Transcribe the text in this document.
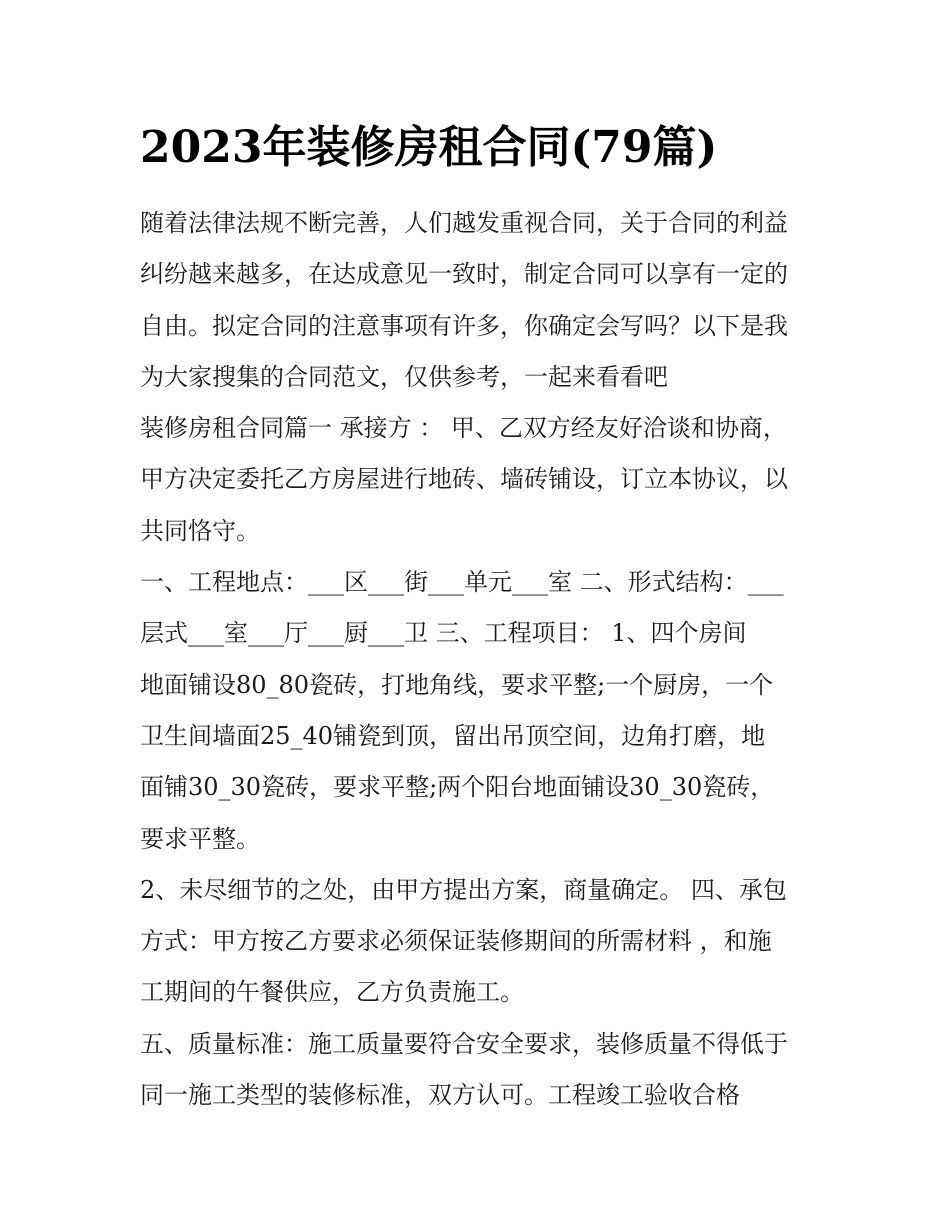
2023年装修房租合同(79篇)

随着法律法规不断完善，人们越发重视合同，关于合同的利益
纠纷越来越多，在达成意见一致时，制定合同可以享有一定的
自由。拟定合同的注意事项有许多，你确定会写吗？以下是我
为大家搜集的合同范文，仅供参考，一起来看看吧

装修房租合同篇一 承接方 ： 甲、乙双方经友好洽谈和协商，
甲方决定委托乙方房屋进行地砖、墙砖铺设，订立本协议，以
共同恪守。

一、工程地点：___区___街___单元___室 二、形式结构：___
层式___室___厅___厨___卫 三、工程项目： 1、四个房间
地面铺设80_80瓷砖，打地角线，要求平整;一个厨房，一个
卫生间墙面25_40铺瓷到顶，留出吊顶空间，边角打磨，地
面铺30_30瓷砖，要求平整;两个阳台地面铺设30_30瓷砖，
要求平整。

2、未尽细节的之处，由甲方提出方案，商量确定。 四、承包
方式：甲方按乙方要求必须保证装修期间的所需材料 ，和施
工期间的午餐供应，乙方负责施工。

五、质量标准：施工质量要符合安全要求，装修质量不得低于
同一施工类型的装修标准，双方认可。工程竣工验收合格
